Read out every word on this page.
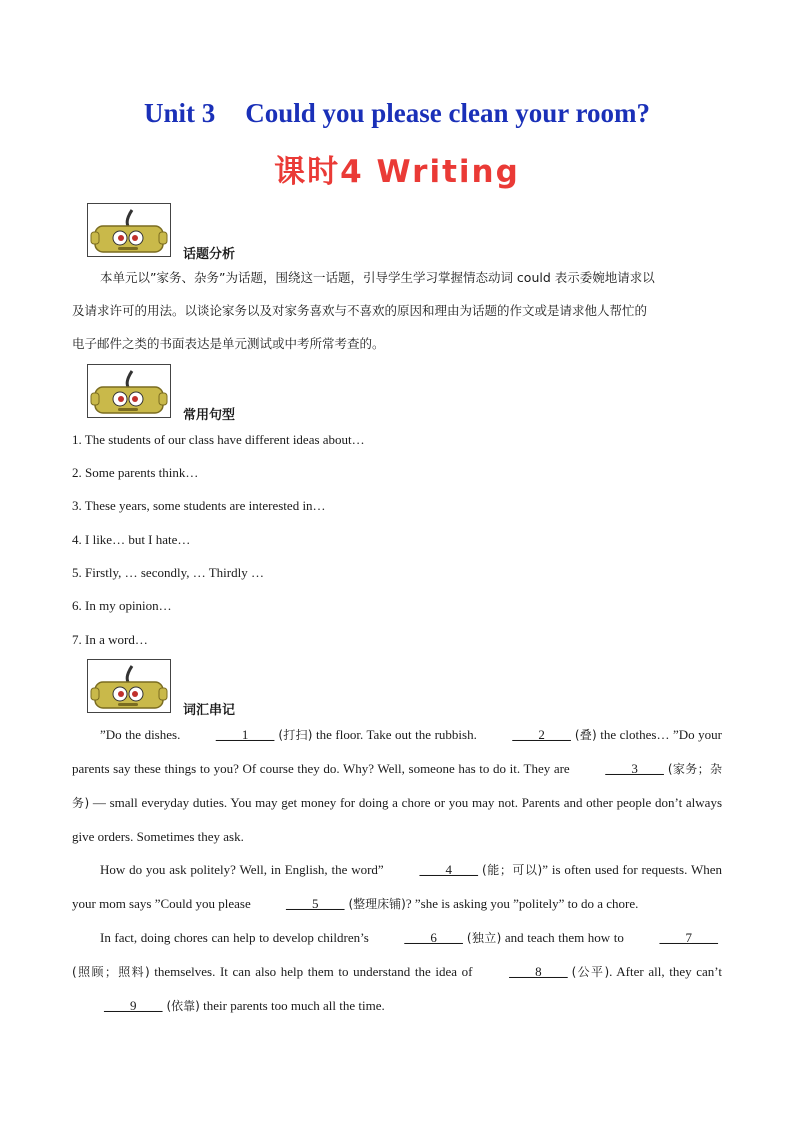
Unit 3 Could you please clean your room?
课时4 Writing
话题分析
本单元以”家务、杂务”为话题，围绕这一话题，引导学生学习掌握情态动词 could 表示委婉地请求以
及请求许可的用法。以谈论家务以及对家务喜欢与不喜欢的原因和理由为话题的作文或是请求他人帮忙的
电子邮件之类的书面表达是单元测试或中考所常考查的。
常用句型
1. The students of our class have different ideas about…
2. Some parents think…
3. These years, some students are interested in…
4. I like… but I hate…
5. Firstly, … secondly, … Thirdly …
6. In my opinion…
7. In a word…
词汇串记

”Do the dishes. ____1____ (打扫) the floor. Take out the rubbish. ____2____ (叠) the clothes… ”Do your parents say these things to you? Of course they do. Why? Well, someone has to do it. They are ____3____ (家务；杂务) — small everyday duties. You may get money for doing a chore or you may not. Parents and other people don’t always give orders. Sometimes they ask.

How do you ask politely? Well, in English, the word” ____4____ (能；可以)” is often used for requests. When your mom says ”Could you please ____5____ (整理床铺)? ”she is asking you ”politely” to do a chore.

In fact, doing chores can help to develop children’s ____6____ (独立) and teach them how to ____7____(照顾；照料) themselves. It can also help them to understand the idea of ____8____ (公平). After all, they can’t ____9____ (依靠) their parents too much all the time.
